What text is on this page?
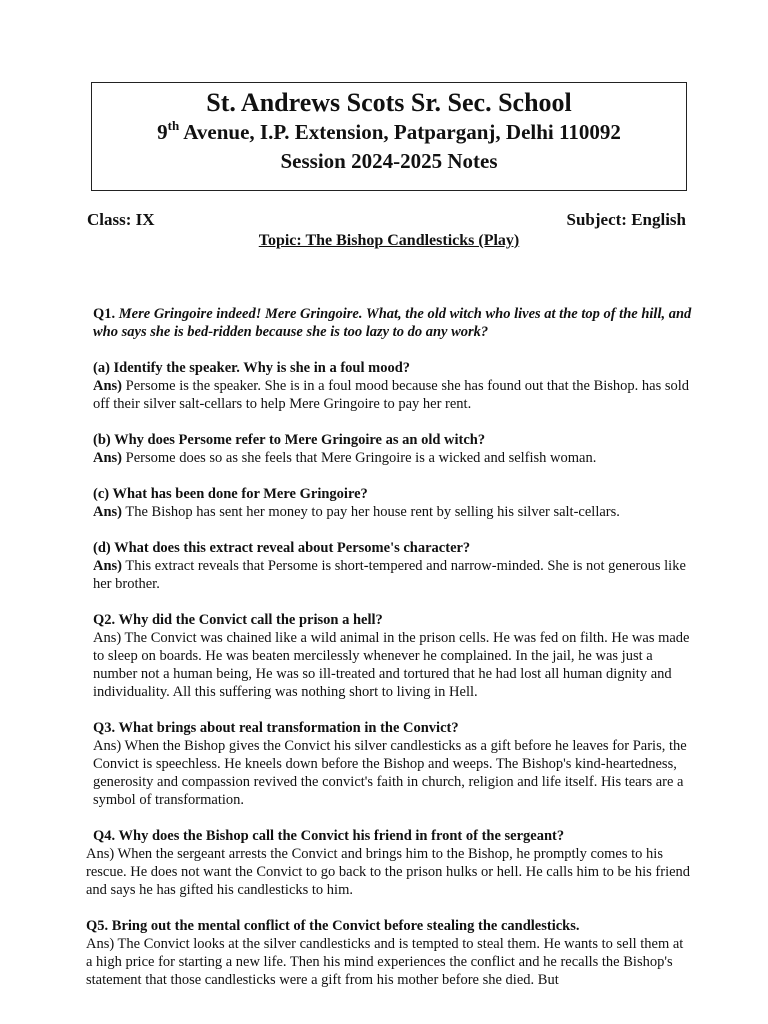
St. Andrews Scots Sr. Sec. School
9th Avenue, I.P. Extension, Patparganj, Delhi 110092
Session 2024-2025 Notes
Class: IX	Subject: English
Topic: The Bishop Candlesticks (Play)

Q1. Mere Gringoire indeed! Mere Gringoire. What, the old witch who lives at the top of the hill, and who says she is bed-ridden because she is too lazy to do any work?

(a) Identify the speaker. Why is she in a foul mood?

Ans) Persome is the speaker. She is in a foul mood because she has found out that the Bishop. has sold off their silver salt-cellars to help Mere Gringoire to pay her rent.

(b) Why does Persome refer to Mere Gringoire as an old witch?

Ans) Persome does so as she feels that Mere Gringoire is a wicked and selfish woman.

(c) What has been done for Mere Gringoire?

Ans) The Bishop has sent her money to pay her house rent by selling his silver salt-cellars.

(d) What does this extract reveal about Persome's character?

Ans) This extract reveals that Persome is short-tempered and narrow-minded. She is not generous like her brother.

Q2. Why did the Convict call the prison a hell?

Ans) The Convict was chained like a wild animal in the prison cells. He was fed on filth. He was made to sleep on boards. He was beaten mercilessly whenever he complained. In the jail, he was just a number not a human being, He was so ill-treated and tortured that he had lost all human dignity and individuality. All this suffering was nothing short to living in Hell.

Q3. What brings about real transformation in the Convict?

Ans) When the Bishop gives the Convict his silver candlesticks as a gift before he leaves for Paris, the Convict is speechless. He kneels down before the Bishop and weeps. The Bishop's kind-heartedness, generosity and compassion revived the convict's faith in church, religion and life itself. His tears are a symbol of transformation.

Q4. Why does the Bishop call the Convict his friend in front of the sergeant?

Ans) When the sergeant arrests the Convict and brings him to the Bishop, he promptly comes to his rescue. He does not want the Convict to go back to the prison hulks or hell. He calls him to be his friend and says he has gifted his candlesticks to him.

Q5. Bring out the mental conflict of the Convict before stealing the candlesticks.

Ans) The Convict looks at the silver candlesticks and is tempted to steal them. He wants to sell them at a high price for starting a new life. Then his mind experiences the conflict and he recalls the Bishop's statement that those candlesticks were a gift from his mother before she died. But
